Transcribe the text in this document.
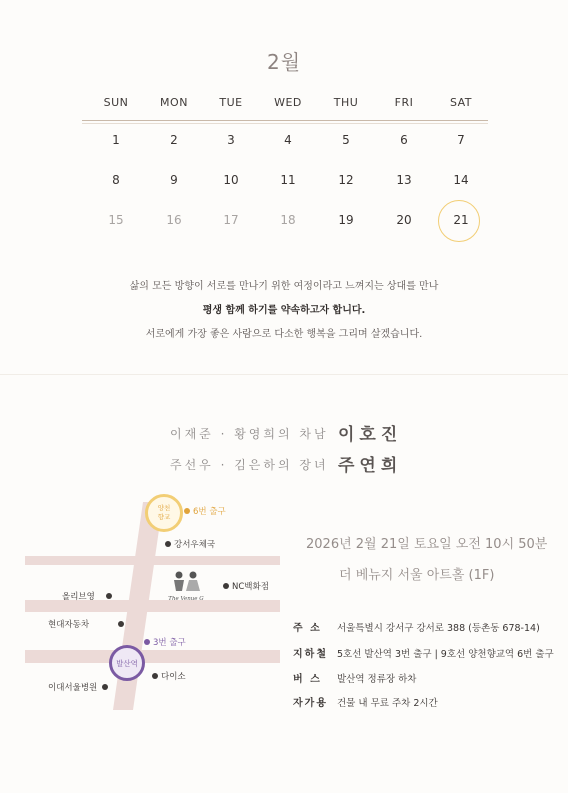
2월
SUN	MON	TUE	WED	THU	FRI	SAT
1	2	3	4	5	6	7
8	9	10	11	12	13	14
15	16	17	18	19	20	21
삶의 모든 방향이 서로를 만나기 위한 여정이라고 느껴지는 상대를 만나
평생 함께 하기를 약속하고자 합니다.
서로에게 가장 좋은 사람으로 다소한 행복을 그리며 살겠습니다.
이재준 · 황영희의 차남 이호진
주선우 · 김은하의 장녀 주연희
2026년 2월 21일 토요일 오전 10시 50분
더 베뉴지 서울 아트홀 (1F)
주 소	서울특별시 강서구 강서로 388 (등촌동 678-14)
지하철 5호선 발산역 3번 출구 | 9호선 양천향교역 6번 출구
버 스	발산역 정류장 하차
자가용 건물 내 무료 주차 2시간
양천
향교	6번 출구
강서우체국
NC백화점
The Venue G
올리브영
현대자동차
3번 출구
발산역
다이소
이대서울병원
